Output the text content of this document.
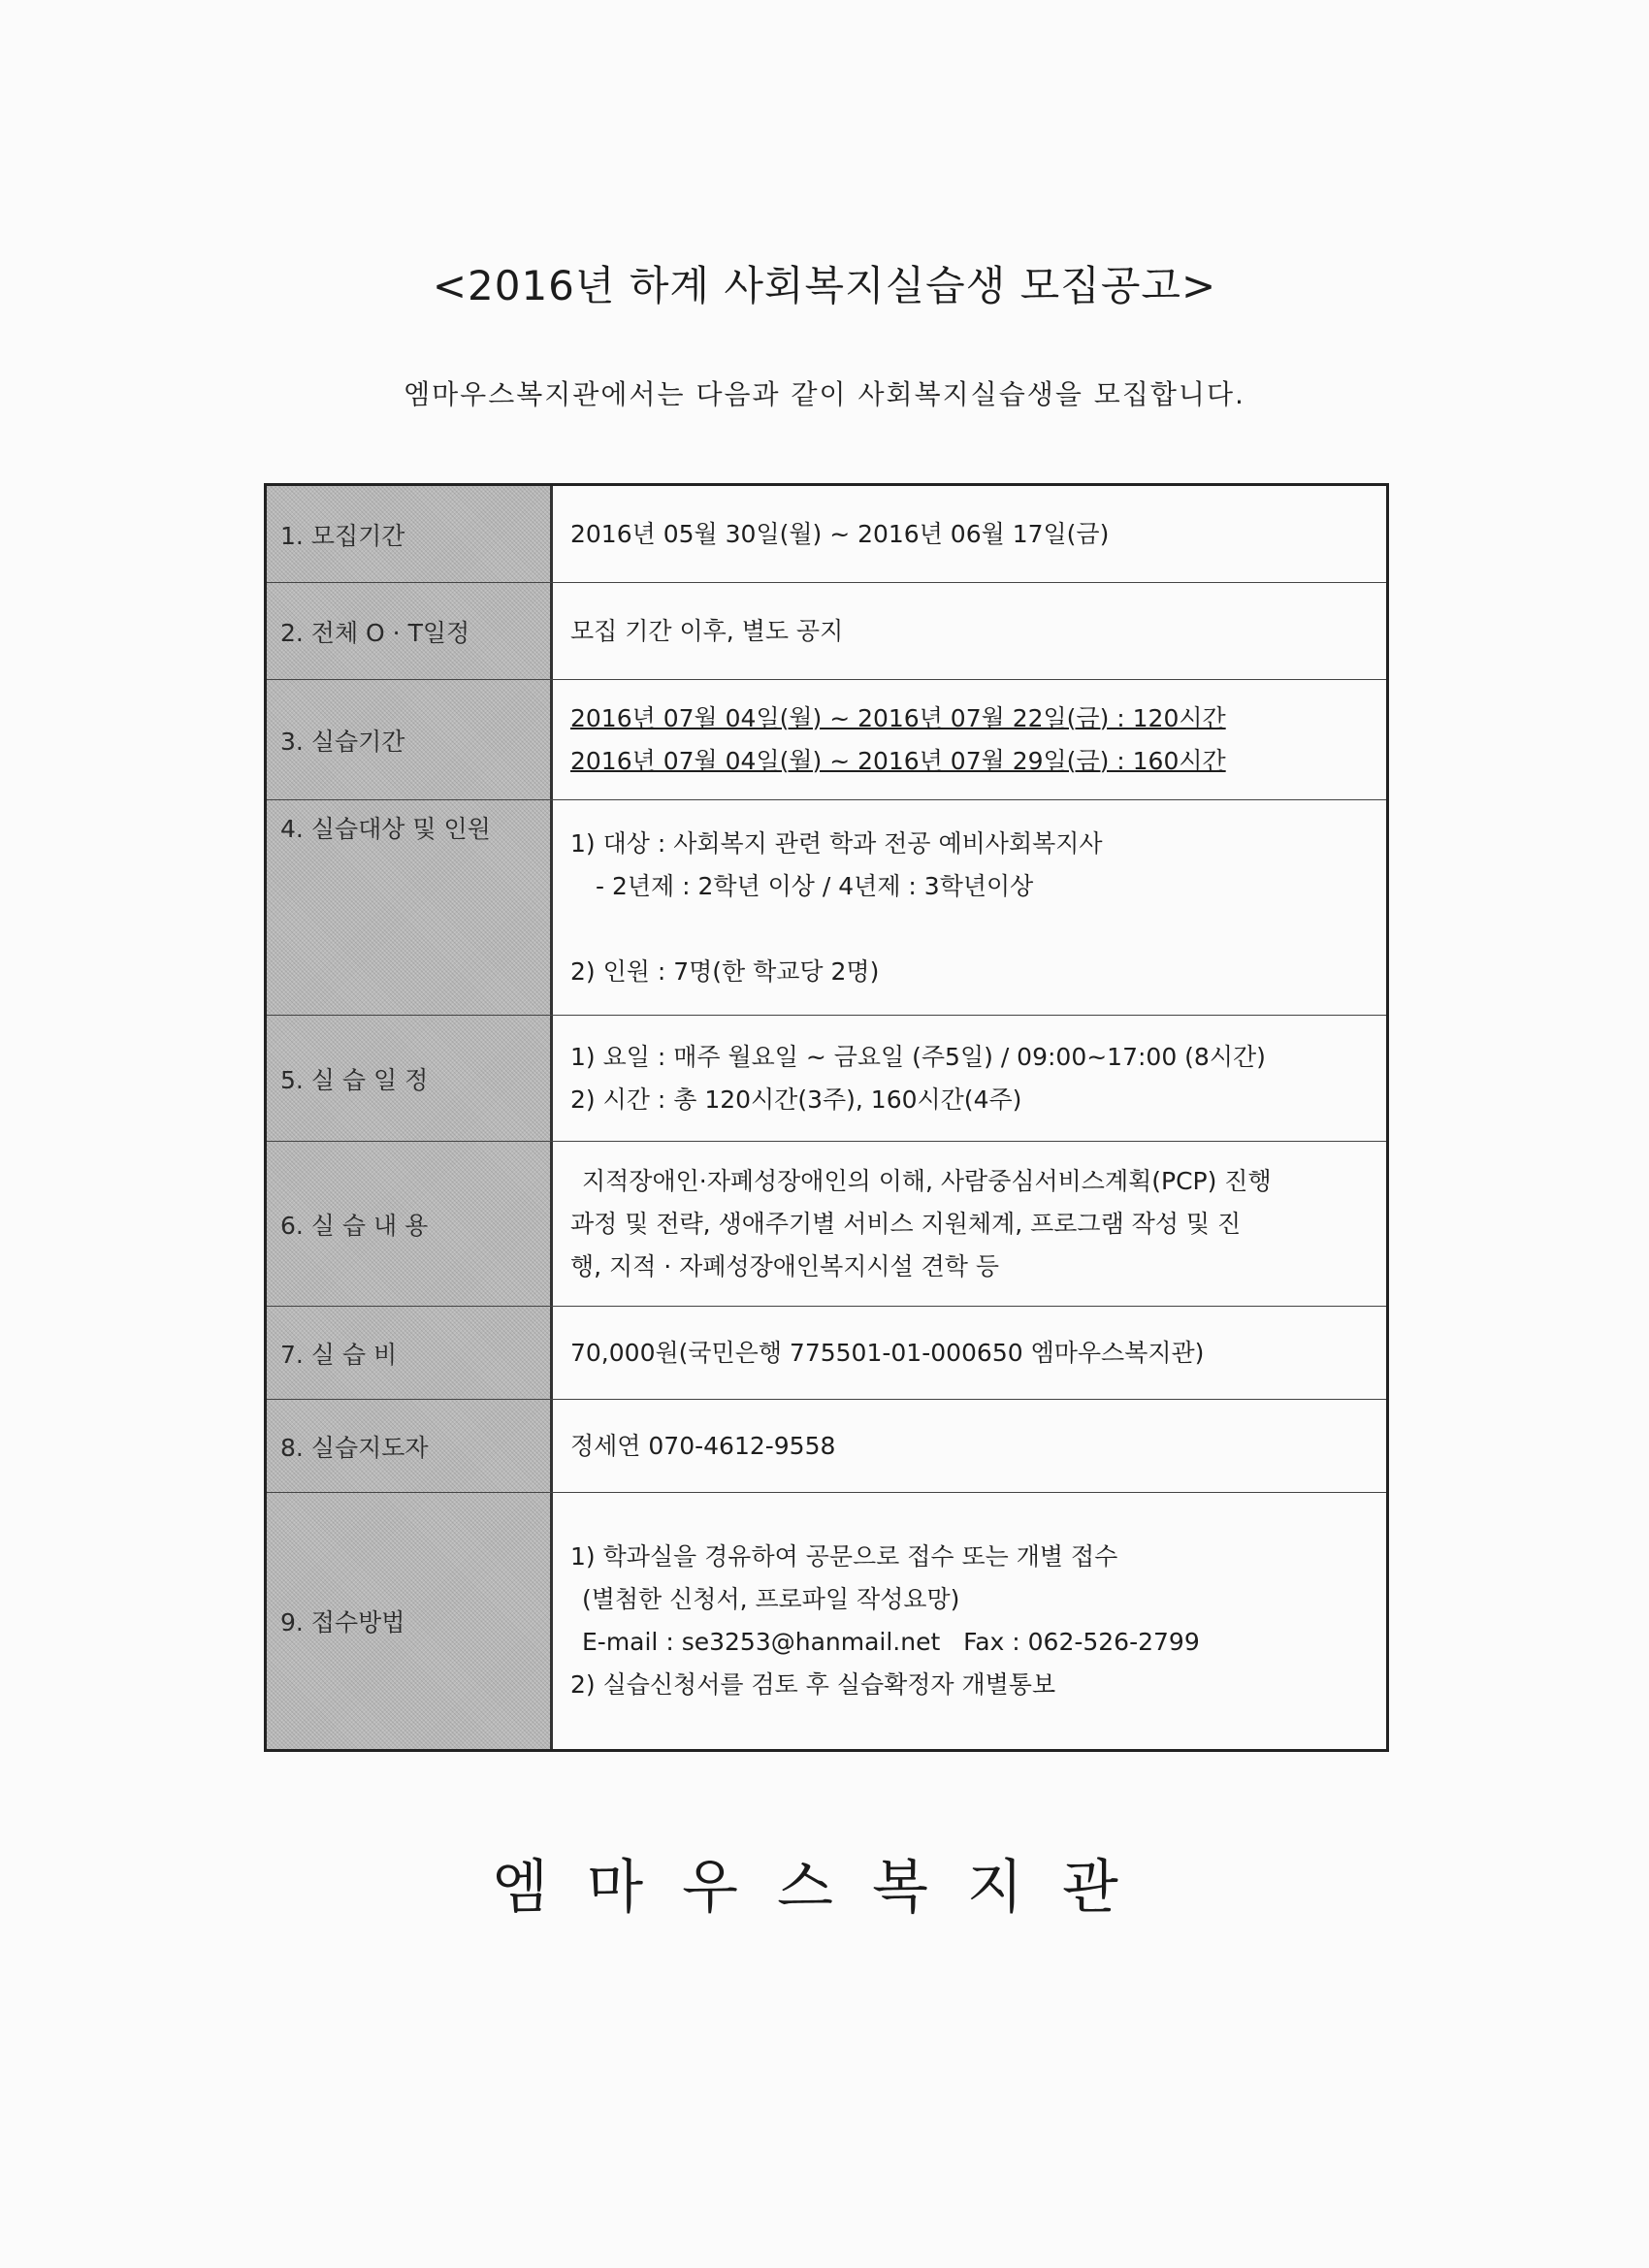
<2016년 하계 사회복지실습생 모집공고>
엠마우스복지관에서는 다음과 같이 사회복지실습생을 모집합니다.
1. 모집기간	2016년 05월 30일(월) ~ 2016년 06월 17일(금)
2. 전체 O · T일정	모집 기간 이후, 별도 공지
3. 실습기간
2016년 07월 04일(월) ~ 2016년 07월 22일(금) : 120시간
2016년 07월 04일(월) ~ 2016년 07월 29일(금) : 160시간
4. 실습대상 및 인원	1) 대상 : 사회복지 관련 학과 전공 예비사회복지사
- 2년제 : 2학년 이상 / 4년제 : 3학년이상
2) 인원 : 7명(한 학교당 2명)
5. 실 습 일 정
1) 요일 : 매주 월요일 ~ 금요일 (주5일) / 09:00~17:00 (8시간)
2) 시간 : 총 120시간(3주), 160시간(4주)
6. 실 습 내 용
지적장애인·자폐성장애인의 이해, 사람중심서비스계획(PCP) 진행
과정 및 전략, 생애주기별 서비스 지원체계, 프로그램 작성 및 진
행, 지적 · 자폐성장애인복지시설 견학 등
7. 실 습 비	70,000원(국민은행 775501-01-000650 엠마우스복지관)
8. 실습지도자	정세연 070-4612-9558
9. 접수방법
1) 학과실을 경유하여 공문으로 접수 또는 개별 접수
(별첨한 신청서, 프로파일 작성요망)
E-mail : se3253@hanmail.net   Fax : 062-526-2799
2) 실습신청서를 검토 후 실습확정자 개별통보
엠마우스복지관
